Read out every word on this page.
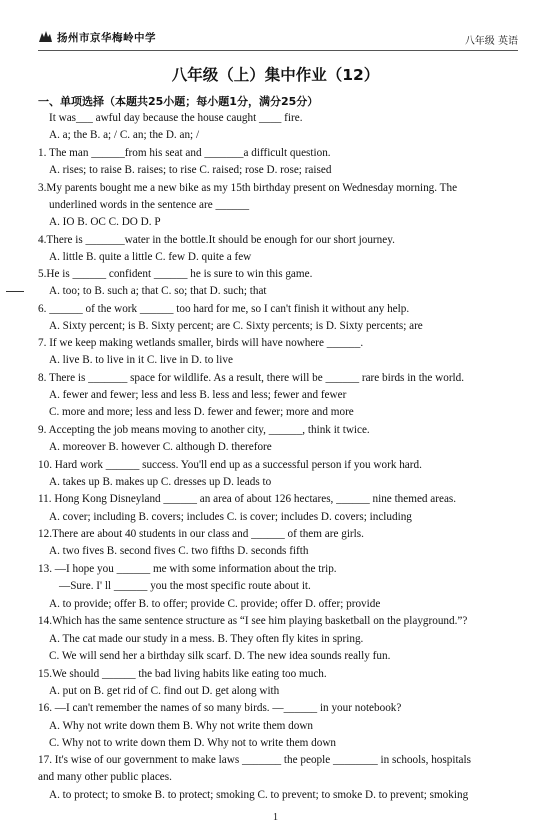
扬州市京华梅岭中学	八年级 英语
八年级（上）集中作业（12）
一、单项选择（本题共25小题；每小题1分，满分25分）
It was___ awful day because the house caught ____ fire.
A. a; the B. a; / C. an; the D. an; /
1. The man ______from his seat and _______a difficult question.
A. rises; to raise B. raises; to rise C. raised; rose D. rose; raised
3.My parents bought me a new bike as my 15th birthday present on Wednesday morning. The
underlined words in the sentence are ______
A. IO B. OC C. DO D. P
4.There is _______water in the bottle.It should be enough for our short journey.
A. little B. quite a little C. few D. quite a few
5.He is ______ confident ______ he is sure to win this game.
A. too; to B. such a; that C. so; that D. such; that
6. ______ of the work ______ too hard for me, so I can't finish it without any help.
A. Sixty percent; is B. Sixty percent; are C. Sixty percents; is D. Sixty percents; are
7. If we keep making wetlands smaller, birds will have nowhere ______.
A. live B. to live in it C. live in D. to live
8. There is _______ space for wildlife. As a result, there will be ______ rare birds in the world.
A. fewer and fewer; less and less B. less and less; fewer and fewer
C. more and more; less and less D. fewer and fewer; more and more
9. Accepting the job means moving to another city, ______, think it twice.
A. moreover B. however C. although D. therefore
10. Hard work ______ success. You'll end up as a successful person if you work hard.
A. takes up B. makes up C. dresses up D. leads to
11. Hong Kong Disneyland ______ an area of about 126 hectares, ______ nine themed areas.
A. cover; including B. covers; includes C. is cover; includes D. covers; including
12.There are about 40 students in our class and ______ of them are girls.
A. two fives B. second fives C. two fifths D. seconds fifth
13. —I hope you ______ me with some information about the trip.
—Sure. I' ll ______ you the most specific route about it.
A. to provide; offer B. to offer; provide C. provide; offer D. offer; provide
14.Which has the same sentence structure as “I see him playing basketball on the playground.”?
A. The cat made our study in a mess. B. They often fly kites in spring.
C. We will send her a birthday silk scarf. D. The new idea sounds really fun.
15.We should ______ the bad living habits like eating too much.
A. put on B. get rid of C. find out D. get along with
16. —I can't remember the names of so many birds. —______ in your notebook?
A. Why not write down them B. Why not write them down
C. Why not to write down them D. Why not to write them down
17. It's wise of our government to make laws _______ the people ________ in schools, hospitals
and many other public places.
A. to protect; to smoke B. to protect; smoking C. to prevent; to smoke D. to prevent; smoking
1
